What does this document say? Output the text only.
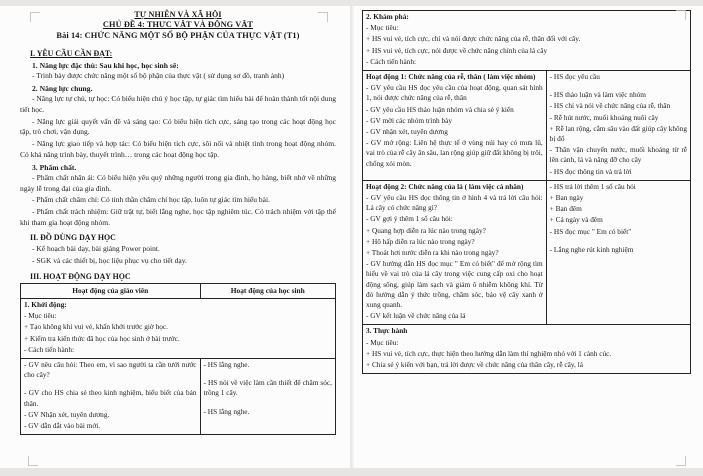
TỰ NHIÊN VÀ XÃ HỘI
CHỦ ĐỀ 4: THỰC VẬT VÀ ĐỘNG VẬT
Bài 14: CHỨC NĂNG MỘT SỐ BỘ PHẬN CỦA THỰC VẬT (T1)
I. YÊU CẦU CẦN ĐẠT:
1. Năng lực đặc thù: Sau khi học, học sinh sẽ:
- Trình bày được chức năng một số bộ phận của thực vật ( sử dụng sơ đồ, tranh ảnh)
2. Năng lực chung.
- Năng lực tự chủ, tự học: Có biểu hiện chú ý học tập, tự giác tìm hiểu bài để hoàn thành tốt nội dung tiết học.
- Năng lực giải quyết vấn đề và sáng tạo: Có biểu hiện tích cực, sáng tạo trong các hoạt động học tập, trò chơi, vận dụng.
- Năng lực giao tiếp và hợp tác: Có biểu hiện tích cực, sôi nổi và nhiệt tình trong hoạt động nhóm. Có khả năng trình bày, thuyết trình… trong các hoạt động học tập.
3. Phẩm chất.
- Phẩm chất nhân ái: Có biểu hiện yêu quý những người trong gia đình, họ hàng, biết nhớ về những ngày lễ trong đại của gia đình.
- Phẩm chất chăm chỉ: Có tinh thần chăm chỉ học tập, luôn tự giác tìm hiểu bài.
- Phẩm chất trách nhiệm: Giữ trật tự, biết lắng nghe, học tập nghiêm túc. Có trách nhiệm với tập thể khi tham gia hoạt động nhóm.
II. ĐỒ DÙNG DẠY HỌC
- Kế hoạch bài dạy, bài giảng Power point.
- SGK và các thiết bị, học liệu phục vụ cho tiết dạy.
III. HOẠT ĐỘNG DẠY HỌC
Hoạt động của giáo viên	Hoạt động của học sinh

1. Khởi động:
- Mục tiêu:
+ Tạo không khí vui vẻ, khấn khởi trước giờ học.
+ Kiểm tra kiến thức đã học của học sinh ở bài trước.
- Cách tiến hành:	

- GV nêu câu hỏi: Theo em, vì sao người ta cần tưới nước cho cây?
- GV cho HS chia sẻ theo kinh nghiệm, hiểu biết của bản thân.
- GV Nhận xét, tuyên dương.
- GV dẫn dắt vào bài mới.

- HS lắng nghe.
- HS nói về việc làm cần thiết để chăm sóc, trồng 1 cây.
- HS lắng nghe.
2. Khám phá:
- Mục tiêu:
+ HS vui vẻ, tích cực, chỉ và nói được chức năng của rễ, thân đối với cây.
+ HS vui vẻ, tích cực, nói được về chức năng chính của lá cây
- Cách tiến hành:	

Hoạt động 1: Chức năng của rễ, thân ( làm việc nhóm)
- GV yêu cầu HS đọc yêu cầu của hoạt động, quan sát hình 1, nói được chức năng của rễ, thân
- GV yêu cầu HS thảo luận nhóm và chia sẻ ý kiến
- GV mời các nhóm trình bày
- GV nhận xét, tuyên dương
- GV mở rộng: Liên hệ thực tế ở vùng núi hay có mưa lũ, vai trò của rễ cây ăn sâu, lan rộng giúp giữ đất không bị trôi, chống xói mòn.

- HS đọc yêu cầu
- HS thảo luận và làm việc nhóm
- HS chỉ và nói về chức năng của rễ, thân
- Rễ hút nước, muối khoáng nuôi cây
+ Rễ lan rộng, cắm sâu vào đất giúp cây không bị đổ
- Thân vận chuyển nước, muối khoáng từ rễ lên cành, lá và nâng đỡ cho cây
- HS đọc thông tin và trả lời

Hoạt động 2: Chức năng của lá ( làm việc cá nhân)
- GV yêu cầu HS đọc thông tin ở hình 4 và trả lời câu hỏi: Lá cây có chức năng gì?
- GV gợi ý thêm 1 số câu hỏi:
+ Quang hợp diễn ra lúc nào trong ngày?
+ Hô hấp diễn ra lúc nào trong ngày?
+ Thoát hơi nước diễn ra khi nào trong ngày?
- GV hướng dẫn HS đọc mục " Em có biết" để mở rộng tìm hiểu về vai trò của lá cây trong việc cung cấp oxi cho hoạt động sống, giúp làm sạch và giảm ô nhiễm không khí. Từ đó hướng dẫn ý thức trồng, chăm sóc, bảo vệ cây xanh ở xung quanh.
- GV kết luận về chức năng của lá

- HS trả lời thêm 1 số câu hỏi
+ Ban ngày
+ Ban đêm
+ Cả ngày và đêm
- HS đọc mục " Em có biết"
- Lắng nghe rút kinh nghiệm

3. Thực hành
- Mục tiêu:
+ HS vui vẻ, tích cực, thực hiện theo hướng dẫn làm thí nghiệm nhỏ với 1 cành cúc.
+ Chia sẻ ý kiến với bạn, trả lời được về chức năng của thân cây, rễ cây, lá	
